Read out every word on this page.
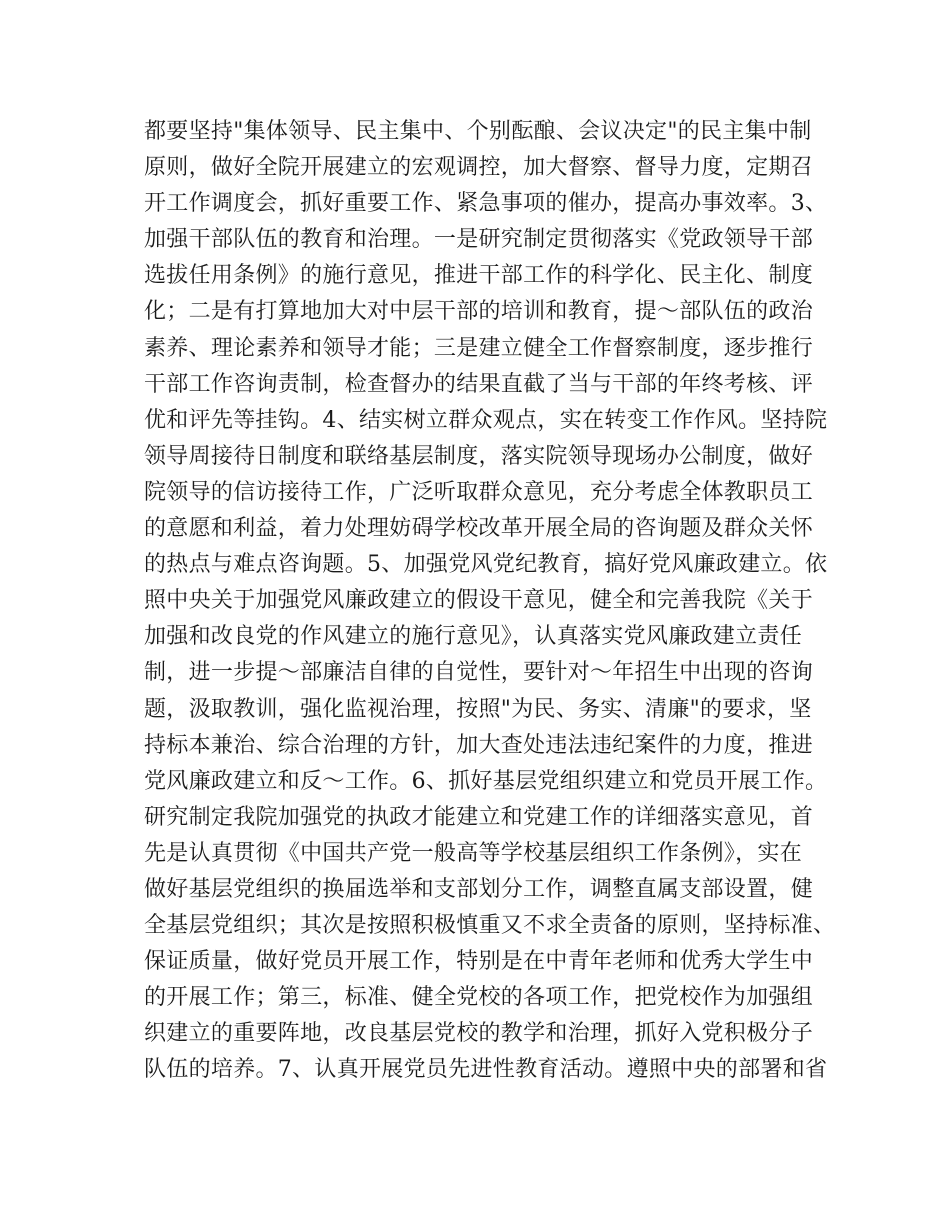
都要坚持"集体领导、民主集中、个别酝酿、会议决定"的民主集中制
原则，做好全院开展建立的宏观调控，加大督察、督导力度，定期召
开工作调度会，抓好重要工作、紧急事项的催办，提高办事效率。3、
加强干部队伍的教育和治理。一是研究制定贯彻落实《党政领导干部
选拔任用条例》的施行意见，推进干部工作的科学化、民主化、制度
化；二是有打算地加大对中层干部的培训和教育，提～部队伍的政治
素养、理论素养和领导才能；三是建立健全工作督察制度，逐步推行
干部工作咨询责制，检查督办的结果直截了当与干部的年终考核、评
优和评先等挂钩。4、结实树立群众观点，实在转变工作作风。坚持院
领导周接待日制度和联络基层制度，落实院领导现场办公制度，做好
院领导的信访接待工作，广泛听取群众意见，充分考虑全体教职员工
的意愿和利益，着力处理妨碍学校改革开展全局的咨询题及群众关怀
的热点与难点咨询题。5、加强党风党纪教育，搞好党风廉政建立。依
照中央关于加强党风廉政建立的假设干意见，健全和完善我院《关于
加强和改良党的作风建立的施行意见》，认真落实党风廉政建立责任
制，进一步提～部廉洁自律的自觉性，要针对～年招生中出现的咨询
题，汲取教训，强化监视治理，按照"为民、务实、清廉"的要求，坚
持标本兼治、综合治理的方针，加大查处违法违纪案件的力度，推进
党风廉政建立和反～工作。6、抓好基层党组织建立和党员开展工作。
研究制定我院加强党的执政才能建立和党建工作的详细落实意见，首
先是认真贯彻《中国共产党一般高等学校基层组织工作条例》，实在
做好基层党组织的换届选举和支部划分工作，调整直属支部设置，健
全基层党组织；其次是按照积极慎重又不求全责备的原则，坚持标准、
保证质量，做好党员开展工作，特别是在中青年老师和优秀大学生中
的开展工作；第三，标准、健全党校的各项工作，把党校作为加强组
织建立的重要阵地，改良基层党校的教学和治理，抓好入党积极分子
队伍的培养。7、认真开展党员先进性教育活动。遵照中央的部署和省
